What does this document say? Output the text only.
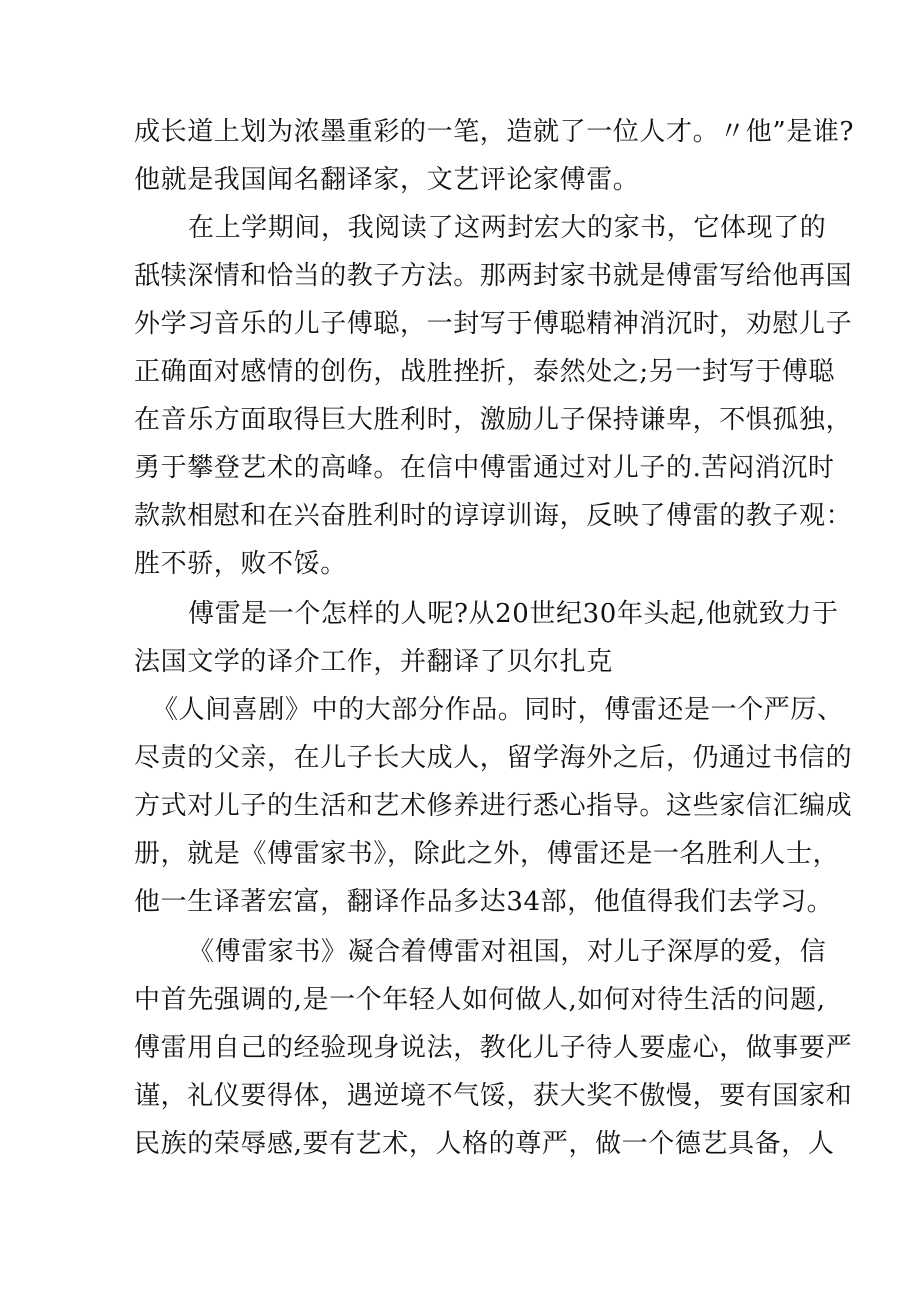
成长道上划为浓墨重彩的一笔，造就了一位人才。〃他”是谁?
他就是我国闻名翻译家，文艺评论家傅雷。
在上学期间，我阅读了这两封宏大的家书，它体现了的
舐犊深情和恰当的教子方法。那两封家书就是傅雷写给他再国
外学习音乐的儿子傅聪，一封写于傅聪精神消沉时，劝慰儿子
正确面对感情的创伤，战胜挫折，泰然处之;另一封写于傅聪
在音乐方面取得巨大胜利时，激励儿子保持谦卑，不惧孤独，
勇于攀登艺术的高峰。在信中傅雷通过对儿子的.苦闷消沉时
款款相慰和在兴奋胜利时的谆谆训诲，反映了傅雷的教子观：
胜不骄，败不馁。
傅雷是一个怎样的人呢?从20世纪30年头起,他就致力于
法国文学的译介工作，并翻译了贝尔扎克
《人间喜剧》中的大部分作品。同时，傅雷还是一个严厉、
尽责的父亲，在儿子长大成人，留学海外之后，仍通过书信的
方式对儿子的生活和艺术修养进行悉心指导。这些家信汇编成
册，就是《傅雷家书》，除此之外，傅雷还是一名胜利人士，
他一生译著宏富，翻译作品多达34部，他值得我们去学习。
《傅雷家书》凝合着傅雷对祖国，对儿子深厚的爱，信
中首先强调的,是一个年轻人如何做人,如何对待生活的问题,
傅雷用自己的经验现身说法，教化儿子待人要虚心，做事要严
谨，礼仪要得体，遇逆境不气馁，获大奖不傲慢，要有国家和
民族的荣辱感,要有艺术，人格的尊严，做一个德艺具备，人
